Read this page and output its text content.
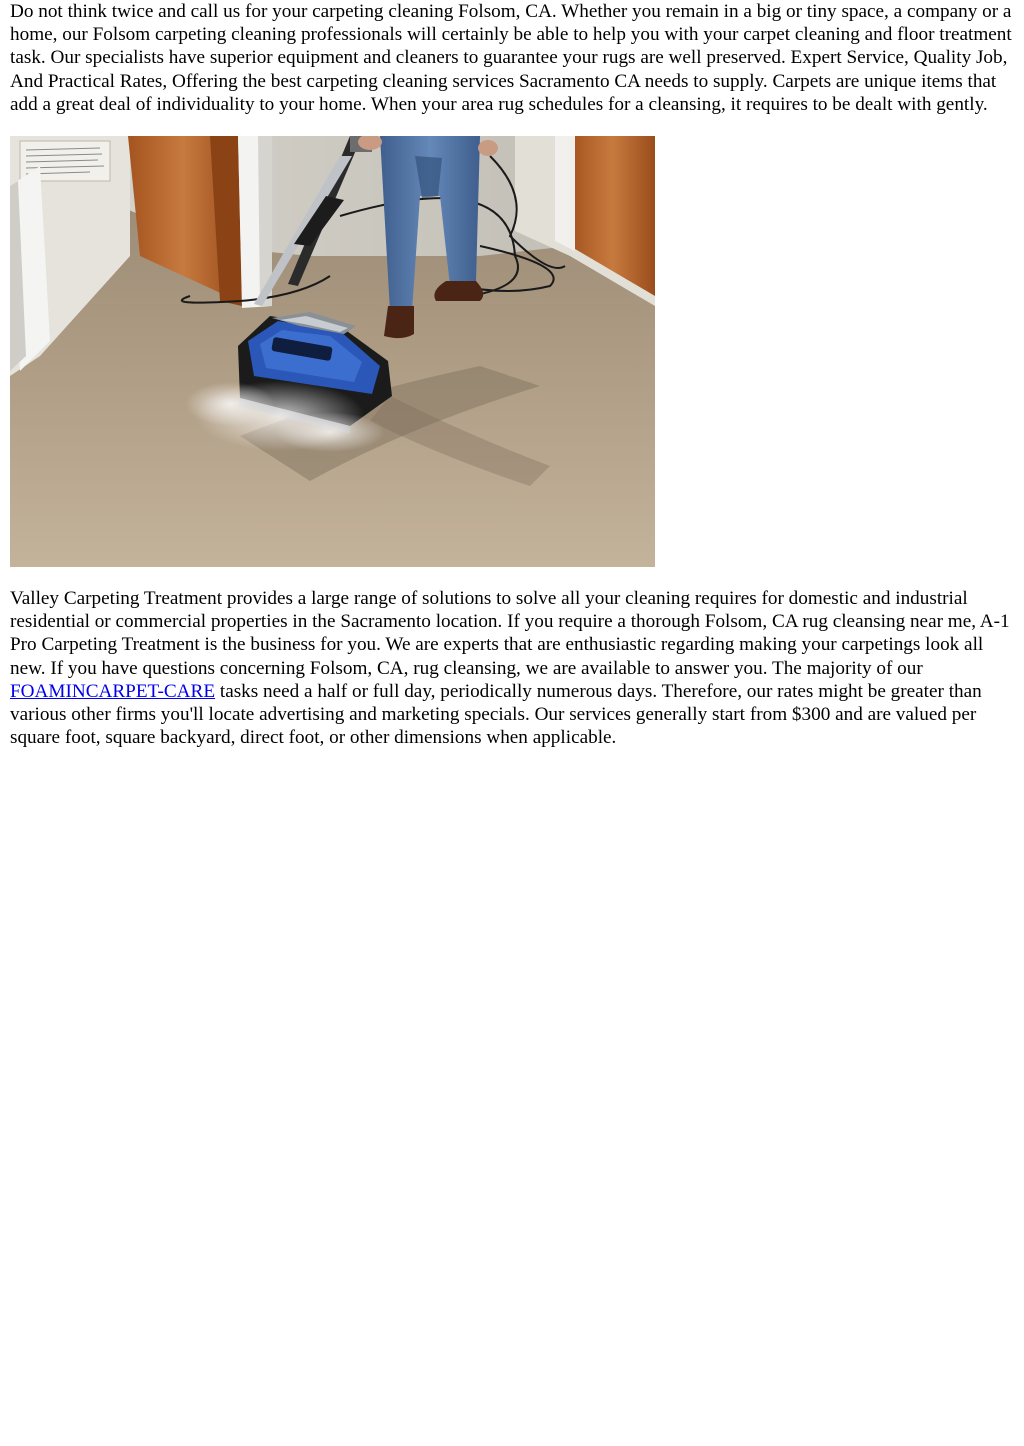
Do not think twice and call us for your carpeting cleaning Folsom, CA. Whether you remain in a big or tiny space, a company or a home, our Folsom carpeting cleaning professionals will certainly be able to help you with your carpet cleaning and floor treatment task. Our specialists have superior equipment and cleaners to guarantee your rugs are well preserved. Expert Service, Quality Job, And Practical Rates, Offering the best carpeting cleaning services Sacramento CA needs to supply. Carpets are unique items that add a great deal of individuality to your home. When your area rug schedules for a cleansing, it requires to be dealt with gently.

Valley Carpeting Treatment provides a large range of solutions to solve all your cleaning requires for domestic and industrial residential or commercial properties in the Sacramento location. If you require a thorough Folsom, CA rug cleansing near me, A-1 Pro Carpeting Treatment is the business for you. We are experts that are enthusiastic regarding making your carpetings look all new. If you have questions concerning Folsom, CA, rug cleansing, we are available to answer you. The majority of our FOAMINCARPET-CARE tasks need a half or full day, periodically numerous days. Therefore, our rates might be greater than various other firms you'll locate advertising and marketing specials. Our services generally start from $300 and are valued per square foot, square backyard, direct foot, or other dimensions when applicable.
